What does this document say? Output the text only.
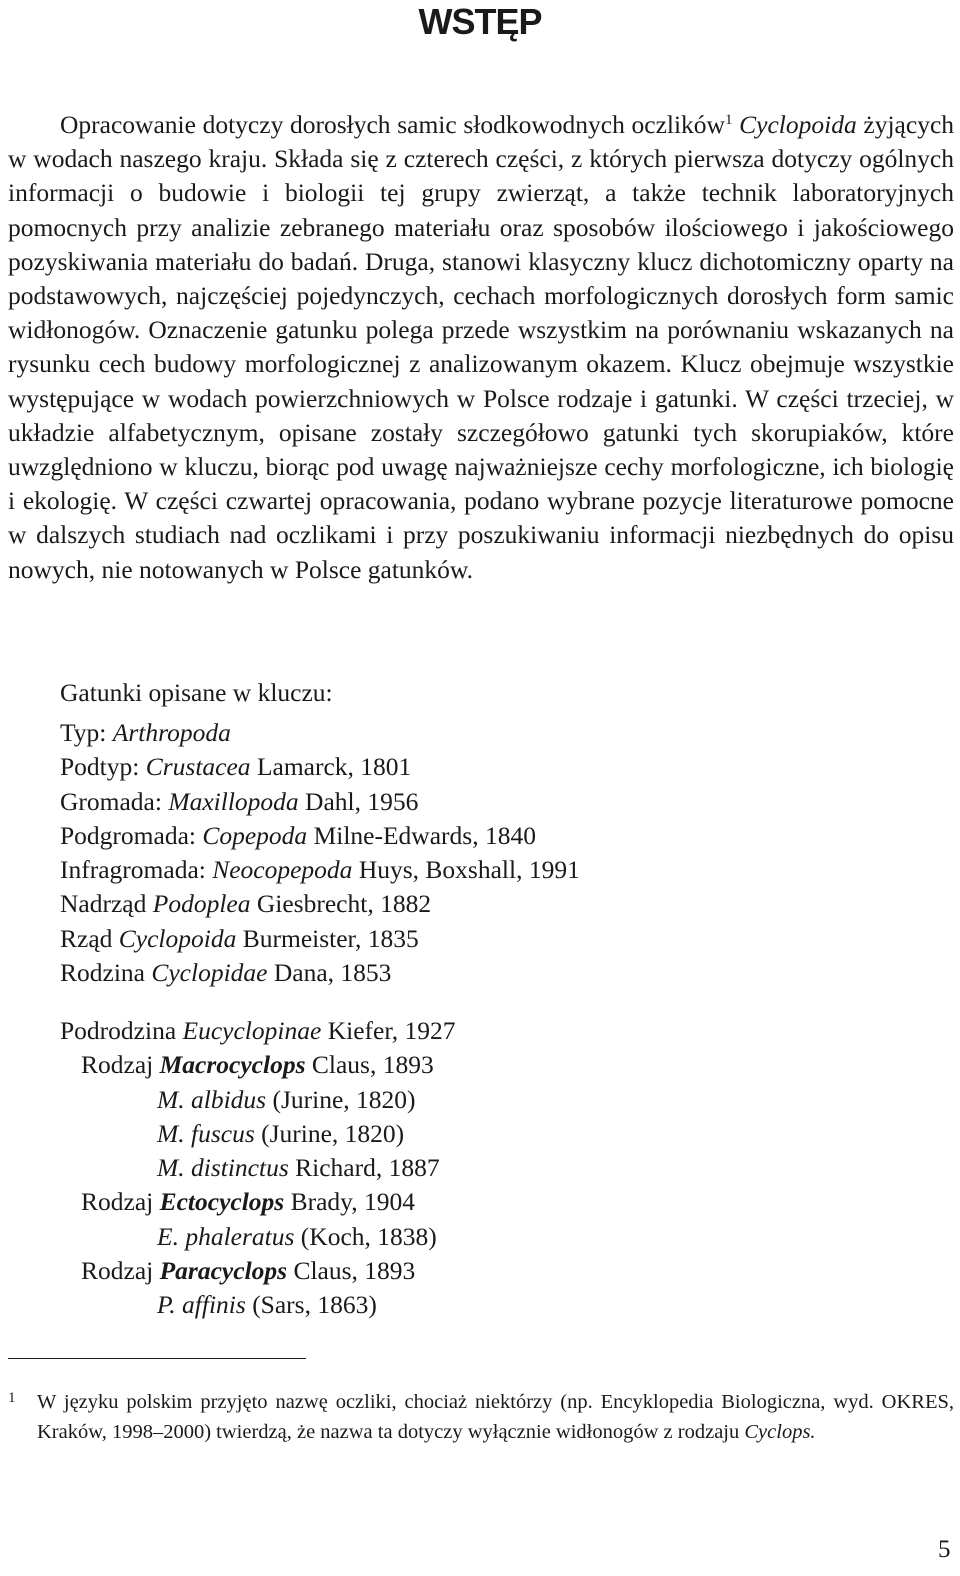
WSTĘP

Opracowanie dotyczy dorosłych samic słodkowodnych oczlików$^1$ Cyclopoida żyjących w wodach naszego kraju. Składa się z czterech części, z których pierwsza dotyczy ogólnych informacji o budowie i biologii tej grupy zwierząt, a także technik laboratoryjnych pomocnych przy analizie zebranego materiału oraz sposobów ilościowego i jakościowego pozyskiwania materiału do badań. Druga, stanowi klasyczny klucz dichotomiczny oparty na podstawowych, najczęściej pojedynczych, cechach morfologicznych dorosłych form samic widłonogów. Oznaczenie gatunku polega przede wszystkim na porównaniu wskazanych na rysunku cech budowy morfologicznej z analizowanym okazem. Klucz obejmuje wszystkie występujące w wodach powierzchniowych w Polsce rodzaje i gatunki. W części trzeciej, w układzie alfabetycznym, opisane zostały szczegółowo gatunki tych skorupiaków, które uwzględniono w kluczu, biorąc pod uwagę najważniejsze cechy morfologiczne, ich biologię i ekologię. W części czwartej opracowania, podano wybrane pozycje literaturowe pomocne w dalszych studiach nad oczlikami i przy poszukiwaniu informacji niezbędnych do opisu nowych, nie notowanych w Polsce gatunków.

Gatunki opisane w kluczu:

Typ: Arthropoda
Podtyp: Crustacea Lamarck, 1801
Gromada: Maxillopoda Dahl, 1956
Podgromada: Copepoda Milne-Edwards, 1840
Infragromada: Neocopepoda Huys, Boxshall, 1991
Nadrząd Podoplea Giesbrecht, 1882
Rząd Cyclopoida Burmeister, 1835
Rodzina Cyclopidae Dana, 1853
Podrodzina Eucyclopinae Kiefer, 1927
Rodzaj Macrocyclops Claus, 1893
M. albidus (Jurine, 1820)
M. fuscus (Jurine, 1820)
M. distinctus Richard, 1887
Rodzaj Ectocyclops Brady, 1904
E. phaleratus (Koch, 1838)
Rodzaj Paracyclops Claus, 1893
P. affinis (Sars, 1863)

1 W języku polskim przyjęto nazwę oczliki, chociaż niektórzy (np. Encyklopedia Biologiczna, wyd. OKRES, Kraków, 1998–2000) twierdzą, że nazwa ta dotyczy wyłącznie widłonogów z rodzaju Cyclops.

5
